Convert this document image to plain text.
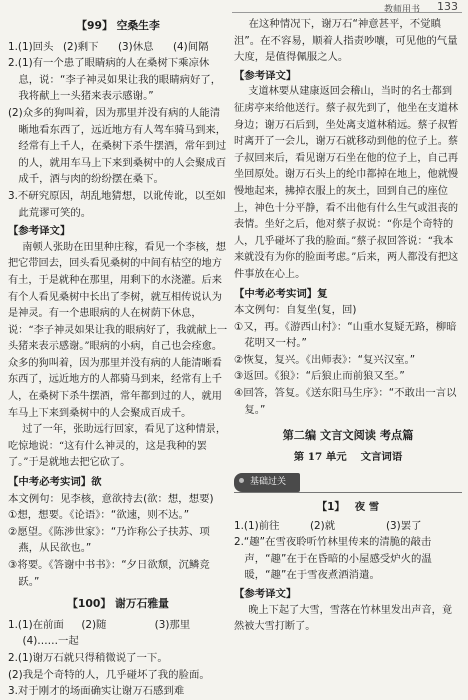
教师用书 133
【99】 空桑生李
1.(1)回头 (2)剩下	(3)休息	(4)间隔

2.(1)有一个患了眼睛病的人在桑树下乘凉休息，说：“李子神灵如果让我的眼睛病好了，我将献上一头猪来表示感谢。”

(2)众多的狗叫着，因为那里并没有病的人能清晰地看东西了，远近地方有人驾车骑马到来，经常有上千人，在桑树下杀牛摆酒，常年到过的人，就用车马上下来到桑树中的人会聚成百成千，酒与肉的纷纷摆在桑下。

3.不研究原因，胡乱地猜想，以讹传讹，以至如此荒谬可笑的。

【参考译文】

南顿人张助在田里种庄稼，看见一个李核，想把它带回去，回头看见桑树的中间有枯空的地方有土，于是就种在那里，用剩下的水浇灌。后来有个人看见桑树中长出了李树，就互相传说认为是神灵。有一个患眼病的人在树荫下休息，说：“李子神灵如果让我的眼病好了，我就献上一头猪来表示感谢。”眼病的小病，自己也会痊愈。众多的狗叫着，因为那里并没有病的人能清晰看东西了，远近地方的人都骑马到来，经常有上千人，在桑树下杀牛摆酒，常年都到过的人，就用车马上下来到桑树中的人会聚成百成千。

过了一年，张助远行回家，看见了这种情景，吃惊地说：“这有什么神灵的，这是我种的罢了。”于是就地去把它砍了。

【中考必考实词】欲

本文例句：见李核，意欲持去(欲：想，想要)

①想，想要。《论语》：“欲速，则不达。”

②愿望。《陈涉世家》：“乃诈称公子扶苏、项燕，从民欲也。”

③将要。《答谢中书书》：“夕日欲颓，沉鳞竞跃。”

【100】 谢万石雅量
1.(1)在前面	(2)随	(3)那里

(4)……一起

2.(1)谢万石就只得稍微说了一下。

(2)我是个奇特的人，几乎碰坏了我的脸面。

3.对于刚才的场面确实让谢万石感到难

在这种情况下，谢万石“神意甚平，不觉瞋沮”。在不容易，顺着人指责吵嚷，可见他的气量大度，是值得佩服之人。

【参考译文】

支道林要从建康返回会稽山，当时的名士都到征虏亭来给他送行。蔡子叔先到了，他坐在支道林身边；谢万石后到，坐处离支道林稍远。蔡子叔暂时离开了一会儿，谢万石就移动到他的位子上。蔡子叔回来后，看见谢万石坐在他的位子上，自己再坐回原处。谢万石头上的纶巾都掉在地上，他就慢慢地起来，拂掉衣服上的灰土，回到自己的座位上，神色十分平静，看不出他有什么生气或沮丧的表情。坐好之后，他对蔡子叔说：“你是个奇特的人，几乎碰坏了我的脸面。”蔡子叔回答说：“我本来就没有为你的脸面考虑。”后来，两人都没有把这件事放在心上。

【中考必考实词】复

本文例句：自复坐(复，回)

①又，再。《游西山村》：“山重水复疑无路，柳暗花明又一村。”

②恢复，复兴。《出师表》：“复兴汉室。”

③返回。《狼》：“后狼止而前狼又至。”

④回答，答复。《送东阳马生序》：“不敢出一言以复。”

第二编 文言文阅读 考点篇
第 17 单元 文言词语
基础过关
【1】 夜 雪
1.(1)前往	(2)就	(3)罢了

2.“趣”在雪夜聆听竹林里传来的清脆的敲击声，“趣”在于在昏暗的小屋感受炉火的温暖，“趣”在于雪夜煮酒消遣。

【参考译文】

晚上下起了大雪，雪落在竹林里发出声音，竟然被大雪打断了。
